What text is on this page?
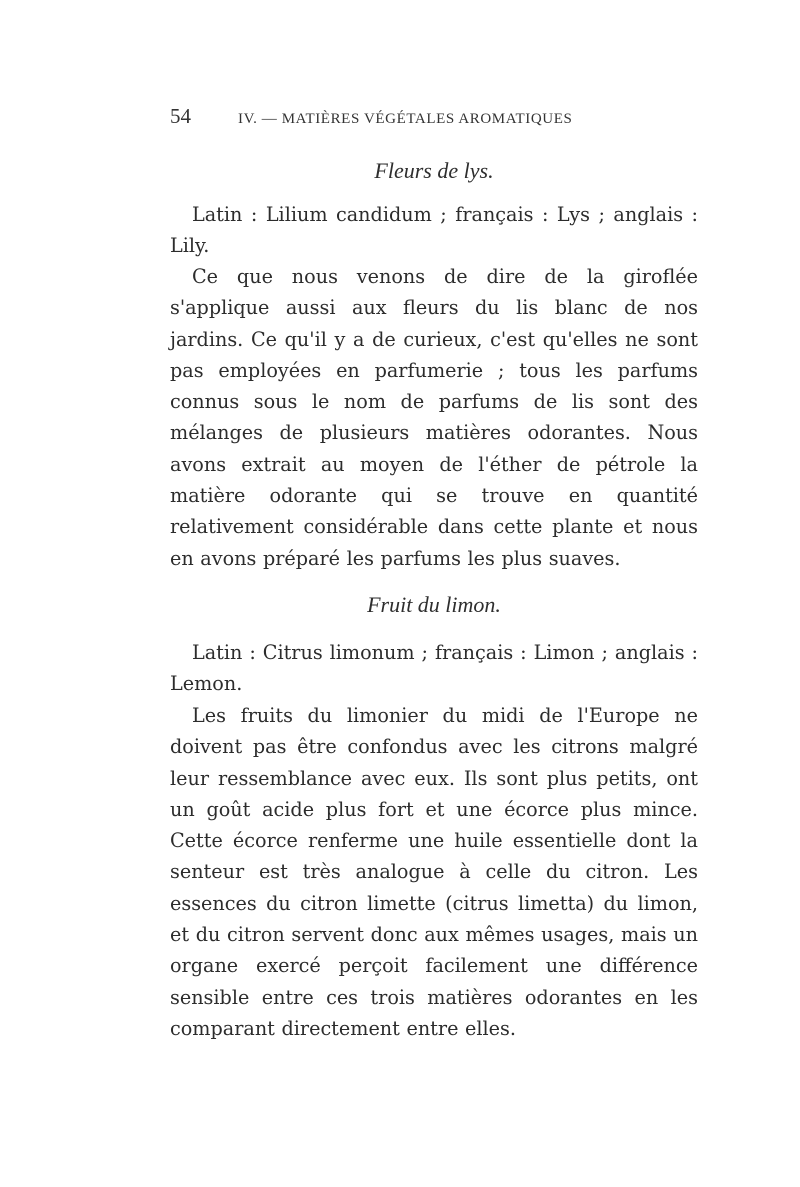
54	IV. — MATIÈRES VÉGÉTALES AROMATIQUES
Fleurs de lys.

Latin : Lilium candidum ; français : Lys ; anglais : Lily.

Ce que nous venons de dire de la giroflée s'applique aussi aux fleurs du lis blanc de nos jardins. Ce qu'il y a de curieux, c'est qu'elles ne sont pas employées en parfumerie ; tous les parfums connus sous le nom de parfums de lis sont des mélanges de plusieurs matières odorantes. Nous avons extrait au moyen de l'éther de pétrole la matière odorante qui se trouve en quantité relativement considérable dans cette plante et nous en avons préparé les parfums les plus suaves.

Fruit du limon.

Latin : Citrus limonum ; français : Limon ; anglais : Lemon.

Les fruits du limonier du midi de l'Europe ne doivent pas être confondus avec les citrons malgré leur ressemblance avec eux. Ils sont plus petits, ont un goût acide plus fort et une écorce plus mince. Cette écorce renferme une huile essentielle dont la senteur est très analogue à celle du citron. Les essences du citron limette (citrus limetta) du limon, et du citron servent donc aux mêmes usages, mais un organe exercé perçoit facilement une différence sensible entre ces trois matières odorantes en les comparant directement entre elles.
